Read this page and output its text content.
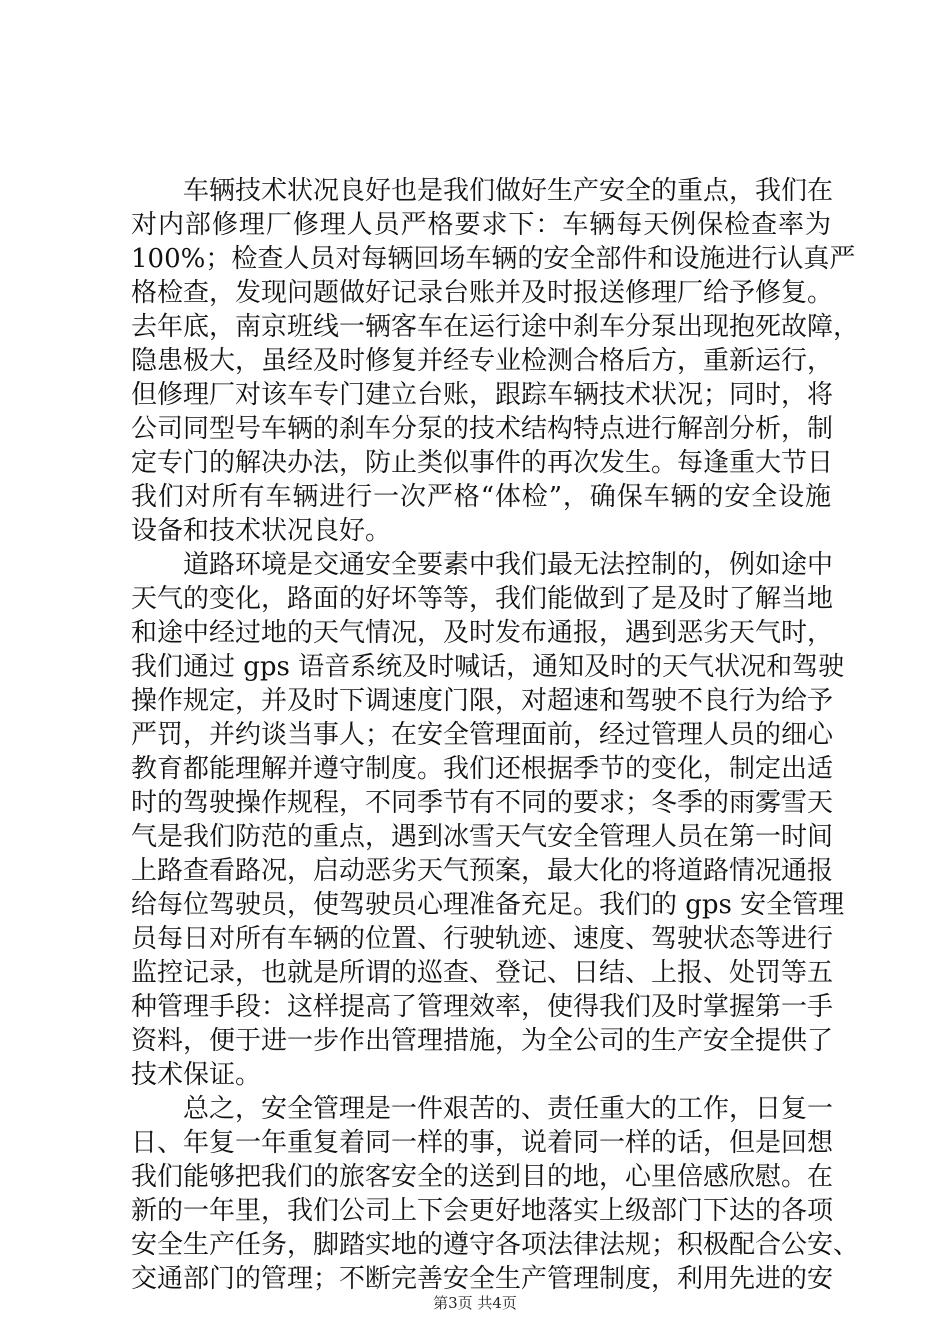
车辆技术状况良好也是我们做好生产安全的重点，我们在
对内部修理厂修理人员严格要求下：车辆每天例保检查率为
100%；检查人员对每辆回场车辆的安全部件和设施进行认真严
格检查，发现问题做好记录台账并及时报送修理厂给予修复。
去年底，南京班线一辆客车在运行途中刹车分泵出现抱死故障，
隐患极大，虽经及时修复并经专业检测合格后方，重新运行，
但修理厂对该车专门建立台账，跟踪车辆技术状况；同时，将
公司同型号车辆的刹车分泵的技术结构特点进行解剖分析，制
定专门的解决办法，防止类似事件的再次发生。每逢重大节日
我们对所有车辆进行一次严格“体检”，确保车辆的安全设施
设备和技术状况良好。
道路环境是交通安全要素中我们最无法控制的，例如途中
天气的变化，路面的好坏等等，我们能做到了是及时了解当地
和途中经过地的天气情况，及时发布通报，遇到恶劣天气时，
我们通过 gps 语音系统及时喊话，通知及时的天气状况和驾驶
操作规定，并及时下调速度门限，对超速和驾驶不良行为给予
严罚，并约谈当事人；在安全管理面前，经过管理人员的细心
教育都能理解并遵守制度。我们还根据季节的变化，制定出适
时的驾驶操作规程，不同季节有不同的要求；冬季的雨雾雪天
气是我们防范的重点，遇到冰雪天气安全管理人员在第一时间
上路查看路况，启动恶劣天气预案，最大化的将道路情况通报
给每位驾驶员，使驾驶员心理准备充足。我们的 gps 安全管理
员每日对所有车辆的位置、行驶轨迹、速度、驾驶状态等进行
监控记录，也就是所谓的巡查、登记、日结、上报、处罚等五
种管理手段：这样提高了管理效率，使得我们及时掌握第一手
资料，便于进一步作出管理措施，为全公司的生产安全提供了
技术保证。
总之，安全管理是一件艰苦的、责任重大的工作，日复一
日、年复一年重复着同一样的事，说着同一样的话，但是回想
我们能够把我们的旅客安全的送到目的地，心里倍感欣慰。在
新的一年里，我们公司上下会更好地落实上级部门下达的各项
安全生产任务，脚踏实地的遵守各项法律法规；积极配合公安、
交通部门的管理；不断完善安全生产管理制度，利用先进的安
第3页 共4页
